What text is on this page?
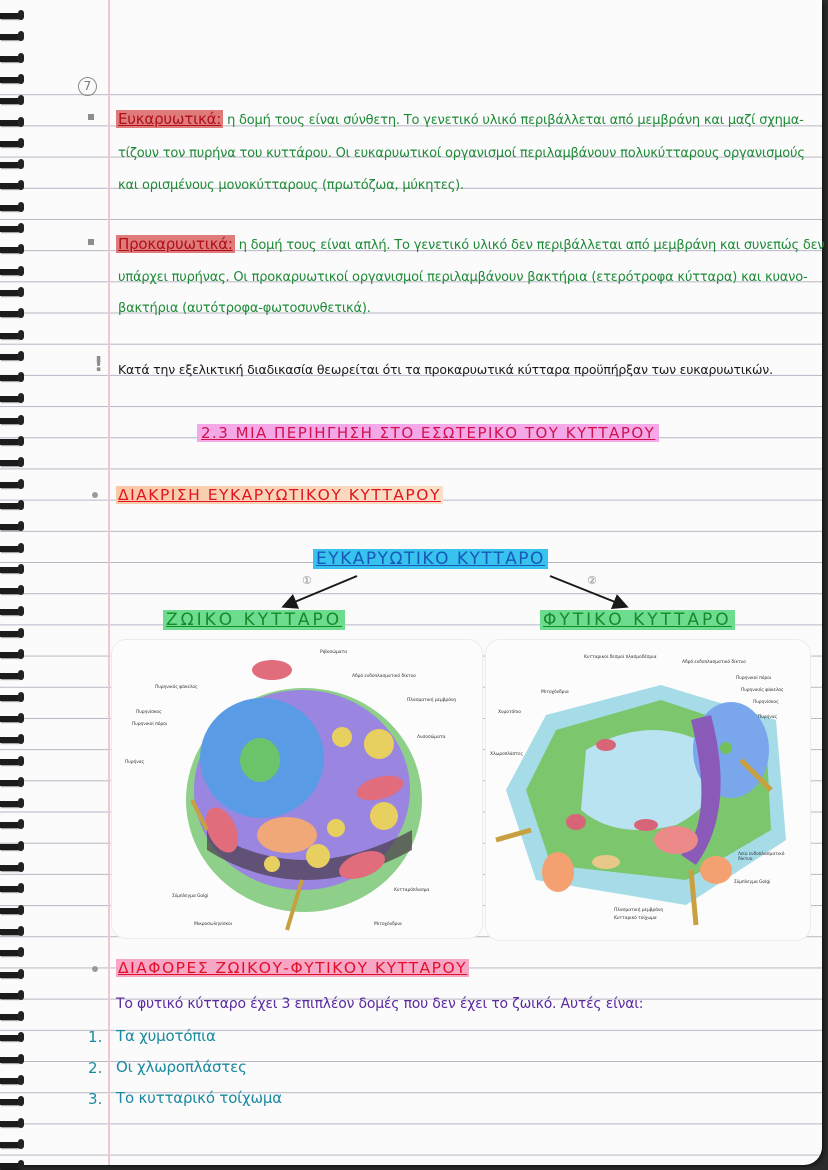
7
Ευκαρυωτικά: η δομή τους είναι σύνθετη. Το γενετικό υλικό περιβάλλεται από μεμβράνη και μαζί σχημα-
τίζουν τον πυρήνα του κυττάρου. Οι ευκαρυωτικοί οργανισμοί περιλαμβάνουν πολυκύτταρους οργανισμούς
και ορισμένους μονοκύτταρους (πρωτόζωα, μύκητες).
Προκαρυωτικά: η δομή τους είναι απλή. Το γενετικό υλικό δεν περιβάλλεται από μεμβράνη και συνεπώς δεν
υπάρχει πυρήνας. Οι προκαρυωτικοί οργανισμοί περιλαμβάνουν βακτήρια (ετερότροφα κύτταρα) και κυανο-
βακτήρια (αυτότροφα-φωτοσυνθετικά).
! Κατά την εξελικτική διαδικασία θεωρείται ότι τα προκαρυωτικά κύτταρα προϋπήρξαν των ευκαρυωτικών.
2.3 ΜΙΑ ΠΕΡΙΗΓΗΣΗ ΣΤΟ ΕΣΩΤΕΡΙΚΟ ΤΟΥ ΚΥΤΤΑΡΟΥ
ΔΙΑΚΡΙΣΗ ΕΥΚΑΡΥΩΤΙΚΟΥ ΚΥΤΤΑΡΟΥ
ΕΥΚΑΡΥΩΤΙΚΟ ΚΥΤΤΑΡΟ
①	②
ΖΩΙΚΟ ΚΥΤΤΑΡΟ	ΦΥΤΙΚΟ ΚΥΤΤΑΡΟ
Ριβοσώματα
Αδρό ενδοπλασματικό δίκτυο
Πυρηνικός φάκελος
Πλασματική μεμβράνη
Πυρηνίσκος
Πυρηνικοί πόροι
Λυσοσώματα
Πυρήνας
Σύμπλεγμα Golgi
Κυτταρόπλασμα
Μικροσωληνίσκοι	Μιτοχόνδρια
Κυτταρικοί δεσμοί πλασμοδέσμια
Αδρό ενδοπλασματικό δίκτυο
Πυρηνικοί πόροι
Πυρηνικός φάκελος
Μιτοχόνδρια
Πυρηνίσκος
Χυμοτόπιο
Πυρήνας
Χλωροπλάστες
Λείο ενδοπλασματικό δίκτυο
Σύμπλεγμα Golgi
Πλασματική μεμβράνη
Κυτταρικό τοίχωμα
ΔΙΑΦΟΡΕΣ ΖΩΙΚΟΥ-ΦΥΤΙΚΟΥ ΚΥΤΤΑΡΟΥ
Το φυτικό κύτταρο έχει 3 επιπλέον δομές που δεν έχει το ζωικό. Αυτές είναι:
1. Τα χυμοτόπια
2. Οι χλωροπλάστες
3. Το κυτταρικό τοίχωμα
